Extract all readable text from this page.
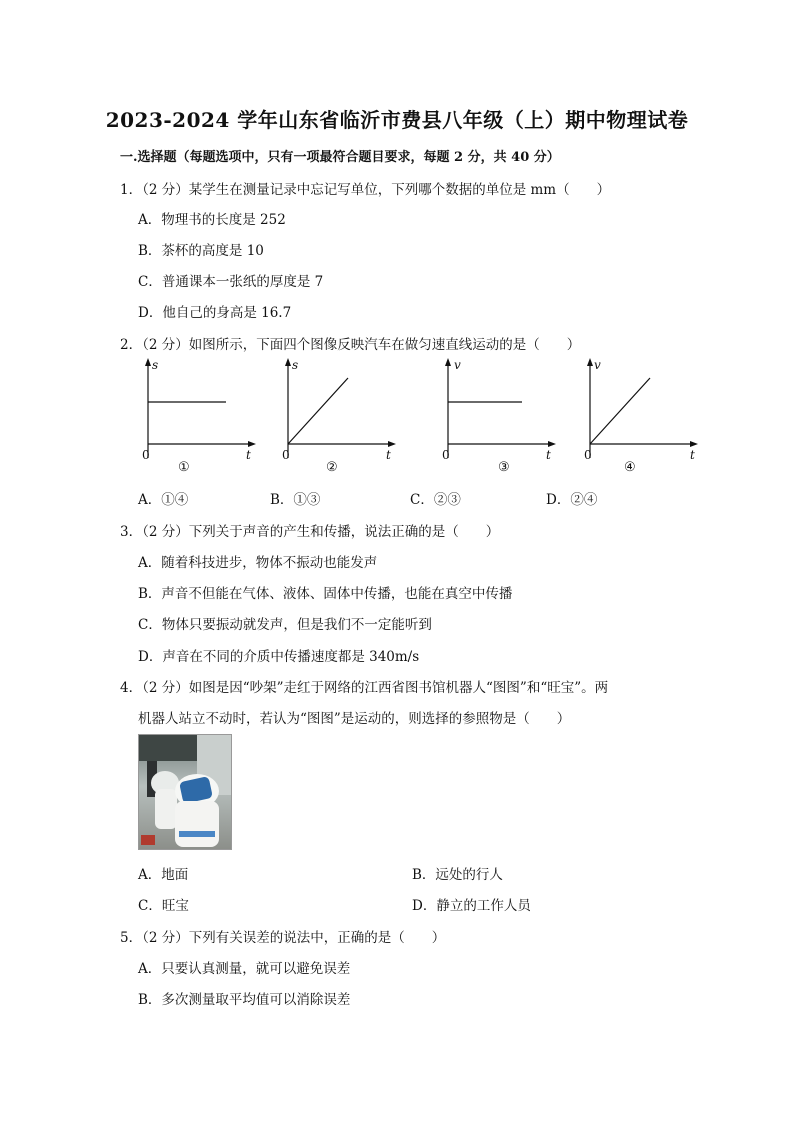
2023-2024 学年山东省临沂市费县八年级（上）期中物理试卷
一.选择题（每题选项中，只有一项最符合题目要求，每题 2 分，共 40 分）
1．（2 分）某学生在测量记录中忘记写单位，下列哪个数据的单位是 mm（　　）
A．物理书的长度是 252
B．茶杯的高度是 10
C．普通课本一张纸的厚度是 7
D．他自己的身高是 16.7
2．（2 分）如图所示，下面四个图像反映汽车在做匀速直线运动的是（　　）
s
t
0
①
s
t
0
②
v
t
0
③
v
t
0
④
A．①④	B．①③	C．②③	D．②④
3．（2 分）下列关于声音的产生和传播，说法正确的是（　　）
A．随着科技进步，物体不振动也能发声
B．声音不但能在气体、液体、固体中传播，也能在真空中传播
C．物体只要振动就发声，但是我们不一定能听到
D．声音在不同的介质中传播速度都是 340m/s
4．（2 分）如图是因“吵架”走红于网络的江西省图书馆机器人“图图”和“旺宝”。两
机器人站立不动时，若认为“图图”是运动的，则选择的参照物是（　　）
A．地面	B．远处的行人
C．旺宝	D．静立的工作人员
5．（2 分）下列有关误差的说法中，正确的是（　　）
A．只要认真测量，就可以避免误差
B．多次测量取平均值可以消除误差
